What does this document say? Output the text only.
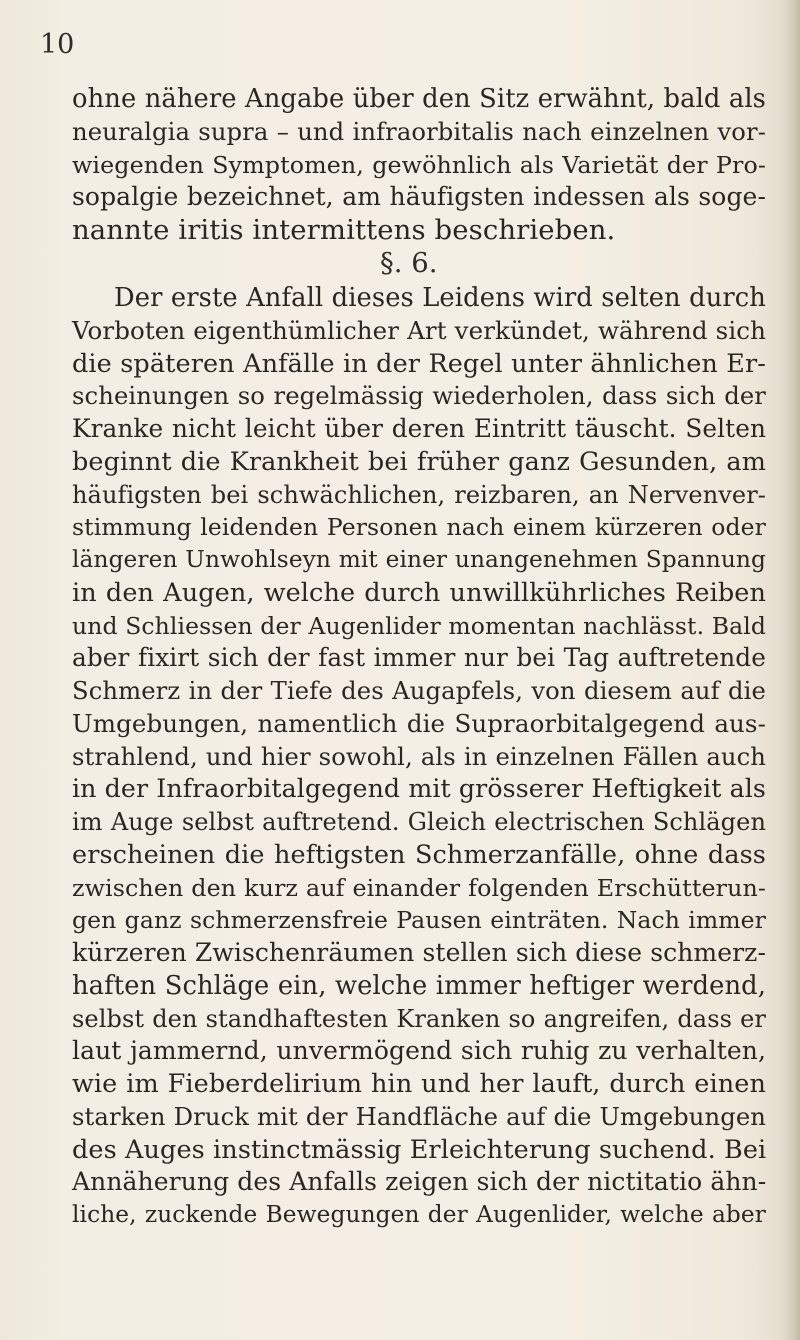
10
ohne nähere Angabe über den Sitz erwähnt, bald als
neuralgia supra – und infraorbitalis nach einzelnen vor-
wiegenden Symptomen, gewöhnlich als Varietät der Pro-
sopalgie bezeichnet, am häufigsten indessen als soge-
nannte iritis intermittens beschrieben.
§. 6.
Der erste Anfall dieses Leidens wird selten durch
Vorboten eigenthümlicher Art verkündet, während sich
die späteren Anfälle in der Regel unter ähnlichen Er-
scheinungen so regelmässig wiederholen, dass sich der
Kranke nicht leicht über deren Eintritt täuscht. Selten
beginnt die Krankheit bei früher ganz Gesunden, am
häufigsten bei schwächlichen, reizbaren, an Nervenver-
stimmung leidenden Personen nach einem kürzeren oder
längeren Unwohlseyn mit einer unangenehmen Spannung
in den Augen, welche durch unwillkührliches Reiben
und Schliessen der Augenlider momentan nachlässt. Bald
aber fixirt sich der fast immer nur bei Tag auftretende
Schmerz in der Tiefe des Augapfels, von diesem auf die
Umgebungen, namentlich die Supraorbitalgegend aus-
strahlend, und hier sowohl, als in einzelnen Fällen auch
in der Infraorbitalgegend mit grösserer Heftigkeit als
im Auge selbst auftretend. Gleich electrischen Schlägen
erscheinen die heftigsten Schmerzanfälle, ohne dass
zwischen den kurz auf einander folgenden Erschütterun-
gen ganz schmerzensfreie Pausen einträten. Nach immer
kürzeren Zwischenräumen stellen sich diese schmerz-
haften Schläge ein, welche immer heftiger werdend,
selbst den standhaftesten Kranken so angreifen, dass er
laut jammernd, unvermögend sich ruhig zu verhalten,
wie im Fieberdelirium hin und her lauft, durch einen
starken Druck mit der Handfläche auf die Umgebungen
des Auges instinctmässig Erleichterung suchend. Bei
Annäherung des Anfalls zeigen sich der nictitatio ähn-
liche, zuckende Bewegungen der Augenlider, welche aber
